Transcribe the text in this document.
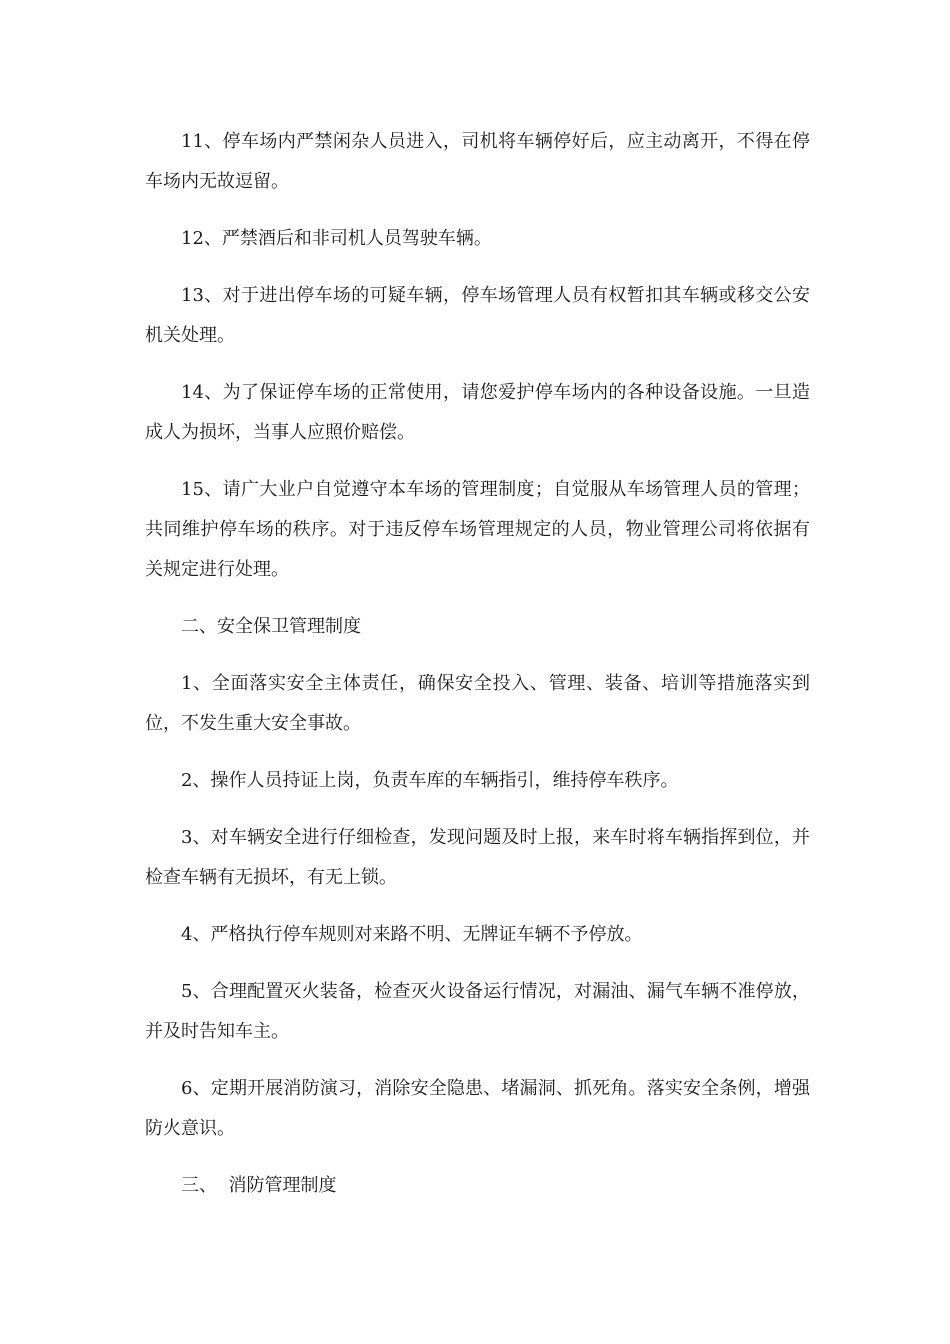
11、停车场内严禁闲杂人员进入，司机将车辆停好后，应主动离开，不得在停车场内无故逗留。

12、严禁酒后和非司机人员驾驶车辆。

13、对于进出停车场的可疑车辆，停车场管理人员有权暂扣其车辆或移交公安机关处理。

14、为了保证停车场的正常使用，请您爱护停车场内的各种设备设施。一旦造成人为损坏，当事人应照价赔偿。

15、请广大业户自觉遵守本车场的管理制度；自觉服从车场管理人员的管理；共同维护停车场的秩序。对于违反停车场管理规定的人员，物业管理公司将依据有关规定进行处理。

二、安全保卫管理制度

1、全面落实安全主体责任，确保安全投入、管理、装备、培训等措施落实到位，不发生重大安全事故。

2、操作人员持证上岗，负责车库的车辆指引，维持停车秩序。

3、对车辆安全进行仔细检查，发现问题及时上报，来车时将车辆指挥到位，并检查车辆有无损坏，有无上锁。

4、严格执行停车规则对来路不明、无牌证车辆不予停放。

5、合理配置灭火装备，检查灭火设备运行情况，对漏油、漏气车辆不准停放，并及时告知车主。

6、定期开展消防演习，消除安全隐患、堵漏洞、抓死角。落实安全条例，增强防火意识。

三、  消防管理制度
